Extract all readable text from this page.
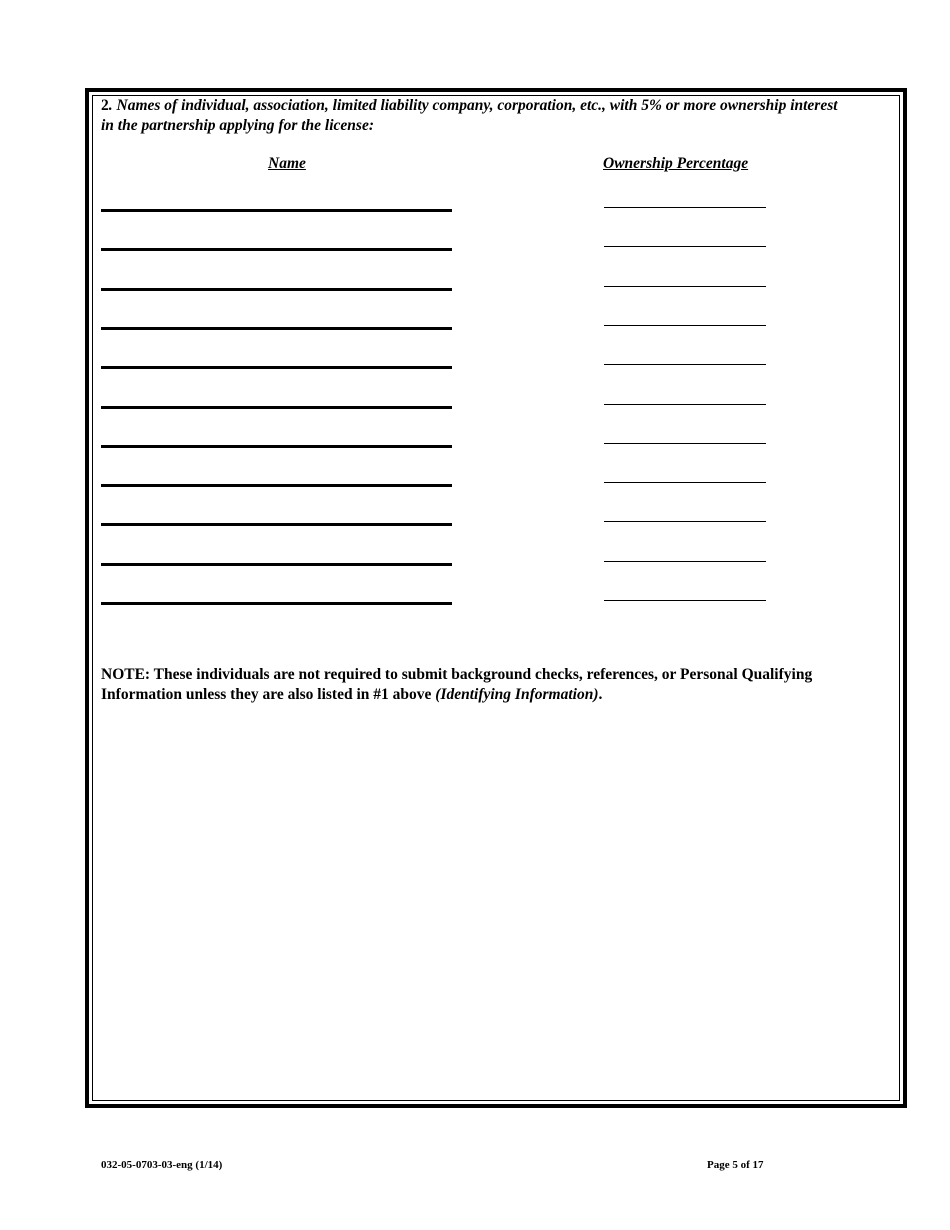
2. Names of individual, association, limited liability company, corporation, etc., with 5% or more ownership interest in the partnership applying for the license:
Name	Ownership Percentage
NOTE: These individuals are not required to submit background checks, references, or Personal Qualifying Information unless they are also listed in #1 above (Identifying Information).
032-05-0703-03-eng (1/14)	Page 5 of 17
